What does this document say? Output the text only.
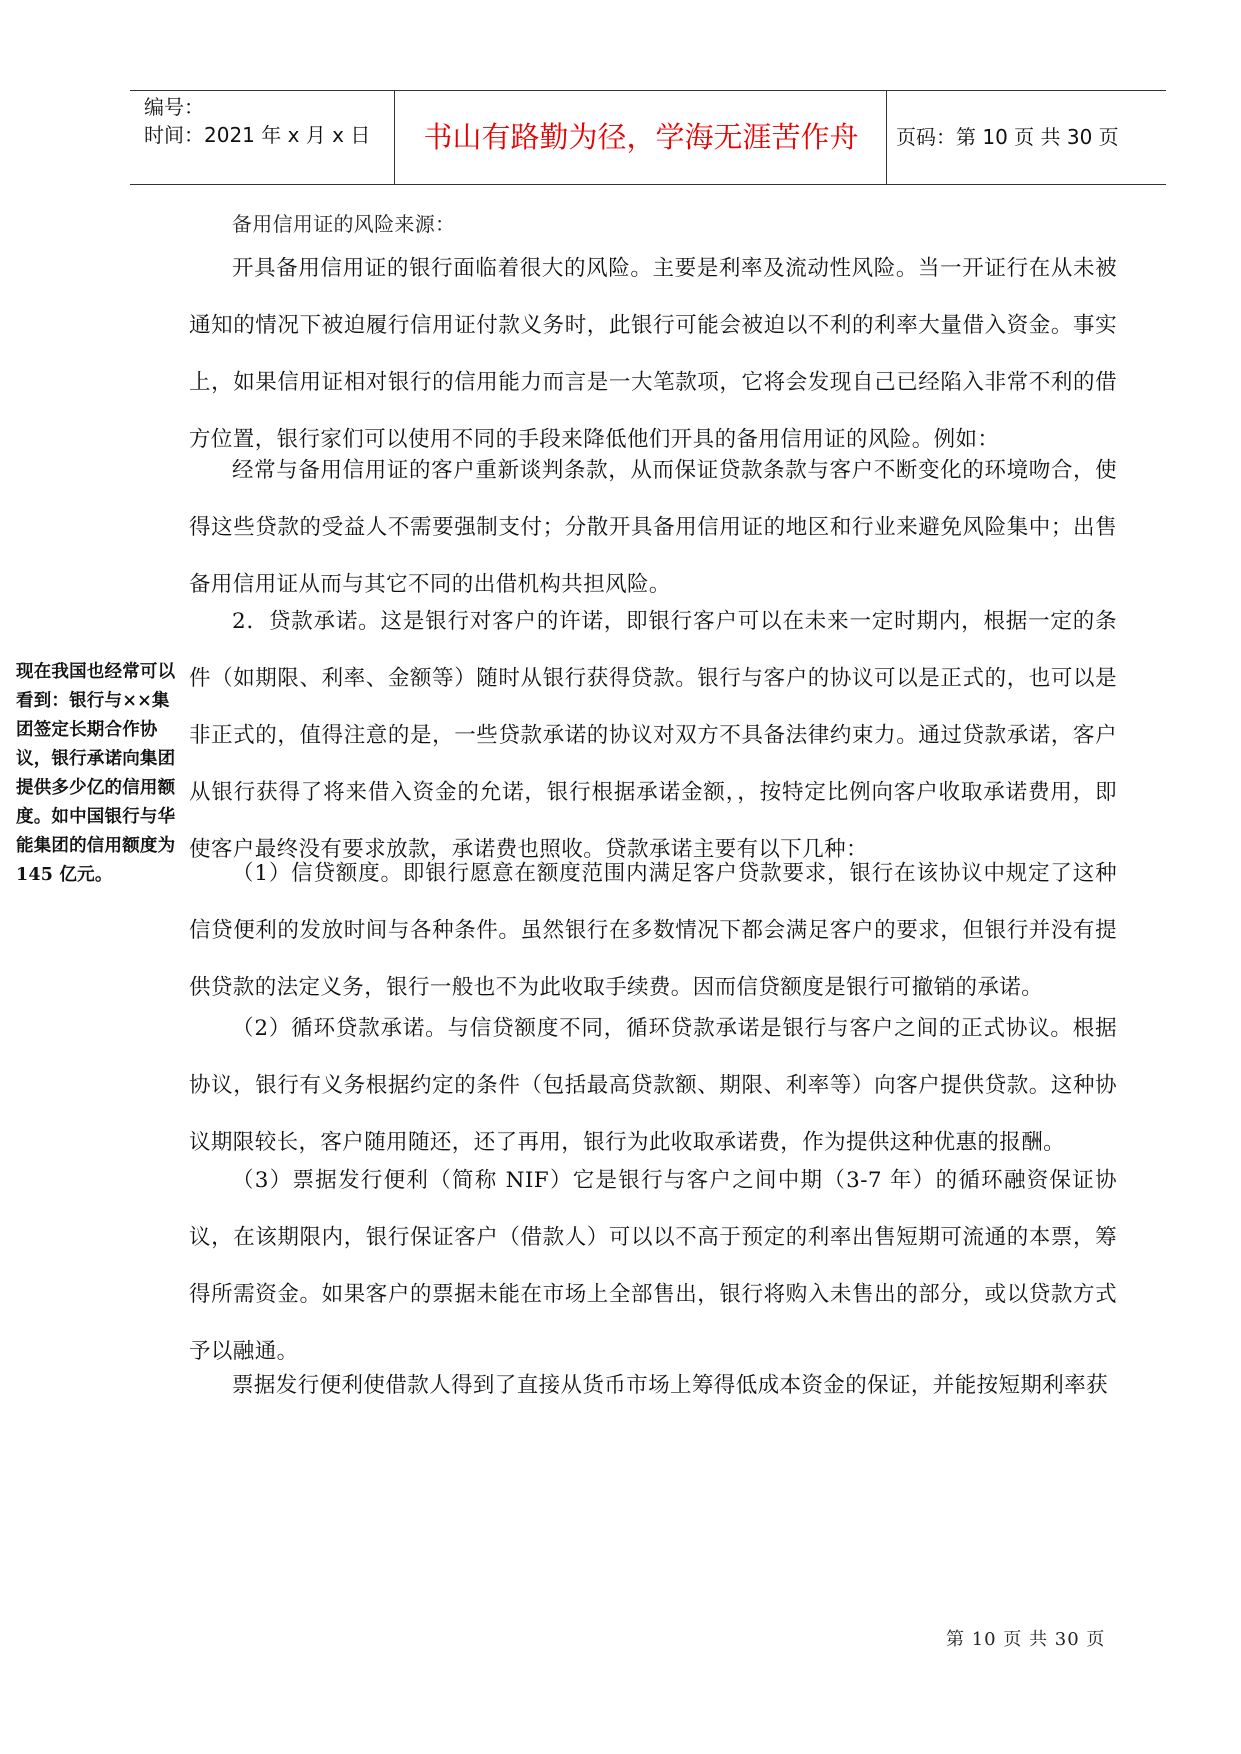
编号：
时间：2021 年 x 月 x 日	书山有路勤为径，学海无涯苦作舟	页码：第 10 页 共 30 页

备用信用证的风险来源：

开具备用信用证的银行面临着很大的风险。主要是利率及流动性风险。当一开证行在从未被通知的情况下被迫履行信用证付款义务时，此银行可能会被迫以不利的利率大量借入资金。事实上，如果信用证相对银行的信用能力而言是一大笔款项，它将会发现自己已经陷入非常不利的借方位置，银行家们可以使用不同的手段来降低他们开具的备用信用证的风险。例如：

经常与备用信用证的客户重新谈判条款，从而保证贷款条款与客户不断变化的环境吻合，使得这些贷款的受益人不需要强制支付；分散开具备用信用证的地区和行业来避免风险集中；出售备用信用证从而与其它不同的出借机构共担风险。

2．贷款承诺。这是银行对客户的许诺，即银行客户可以在未来一定时期内，根据一定的条件（如期限、利率、金额等）随时从银行获得贷款。银行与客户的协议可以是正式的，也可以是非正式的，值得注意的是，一些贷款承诺的协议对双方不具备法律约束力。通过贷款承诺，客户从银行获得了将来借入资金的允诺，银行根据承诺金额，，按特定比例向客户收取承诺费用，即使客户最终没有要求放款，承诺费也照收。贷款承诺主要有以下几种：

（1）信贷额度。即银行愿意在额度范围内满足客户贷款要求，银行在该协议中规定了这种信贷便利的发放时间与各种条件。虽然银行在多数情况下都会满足客户的要求，但银行并没有提供贷款的法定义务，银行一般也不为此收取手续费。因而信贷额度是银行可撤销的承诺。

（2）循环贷款承诺。与信贷额度不同，循环贷款承诺是银行与客户之间的正式协议。根据协议，银行有义务根据约定的条件（包括最高贷款额、期限、利率等）向客户提供贷款。这种协议期限较长，客户随用随还，还了再用，银行为此收取承诺费，作为提供这种优惠的报酬。

（3）票据发行便利（简称 NIF）它是银行与客户之间中期（3-7 年）的循环融资保证协议，在该期限内，银行保证客户（借款人）可以以不高于预定的利率出售短期可流通的本票，筹得所需资金。如果客户的票据未能在市场上全部售出，银行将购入未售出的部分，或以贷款方式予以融通。

票据发行便利使借款人得到了直接从货币市场上筹得低成本资金的保证，并能按短期利率获

现在我国也经常可以看到：银行与××集团签定长期合作协议，银行承诺向集团提供多少亿的信用额度。如中国银行与华能集团的信用额度为 145 亿元。

第 10 页 共 30 页
